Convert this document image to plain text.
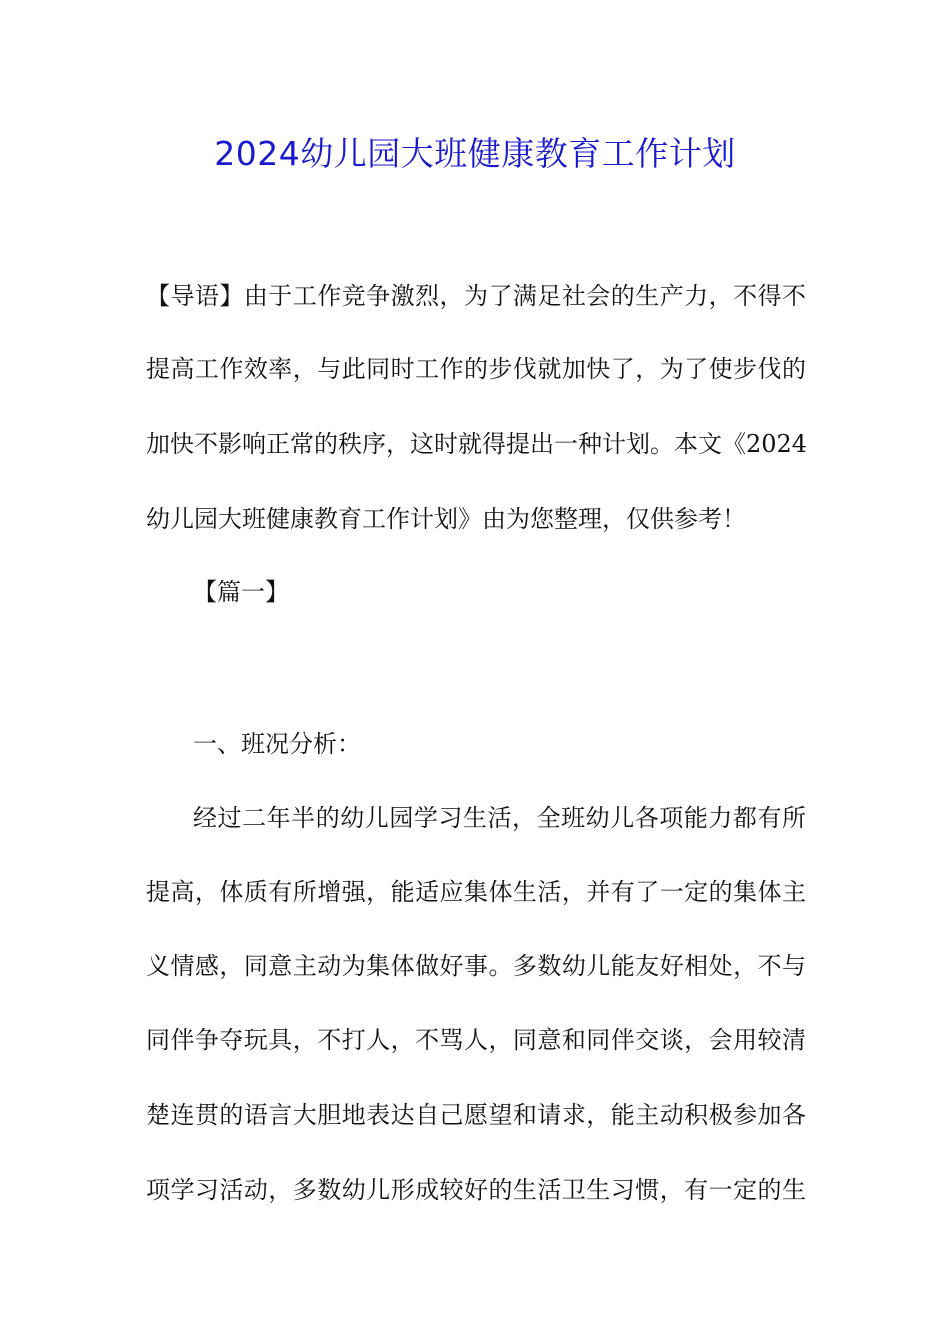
2024幼儿园大班健康教育工作计划
【导语】由于工作竞争激烈，为了满足社会的生产力，不得不
提高工作效率，与此同时工作的步伐就加快了，为了使步伐的
加快不影响正常的秩序，这时就得提出一种计划。本文《2024
幼儿园大班健康教育工作计划》由为您整理，仅供参考！
【篇一】
一、班况分析：
经过二年半的幼儿园学习生活，全班幼儿各项能力都有所
提高，体质有所增强，能适应集体生活，并有了一定的集体主
义情感，同意主动为集体做好事。多数幼儿能友好相处，不与
同伴争夺玩具，不打人，不骂人，同意和同伴交谈，会用较清
楚连贯的语言大胆地表达自己愿望和请求，能主动积极参加各
项学习活动，多数幼儿形成较好的生活卫生习惯，有一定的生
